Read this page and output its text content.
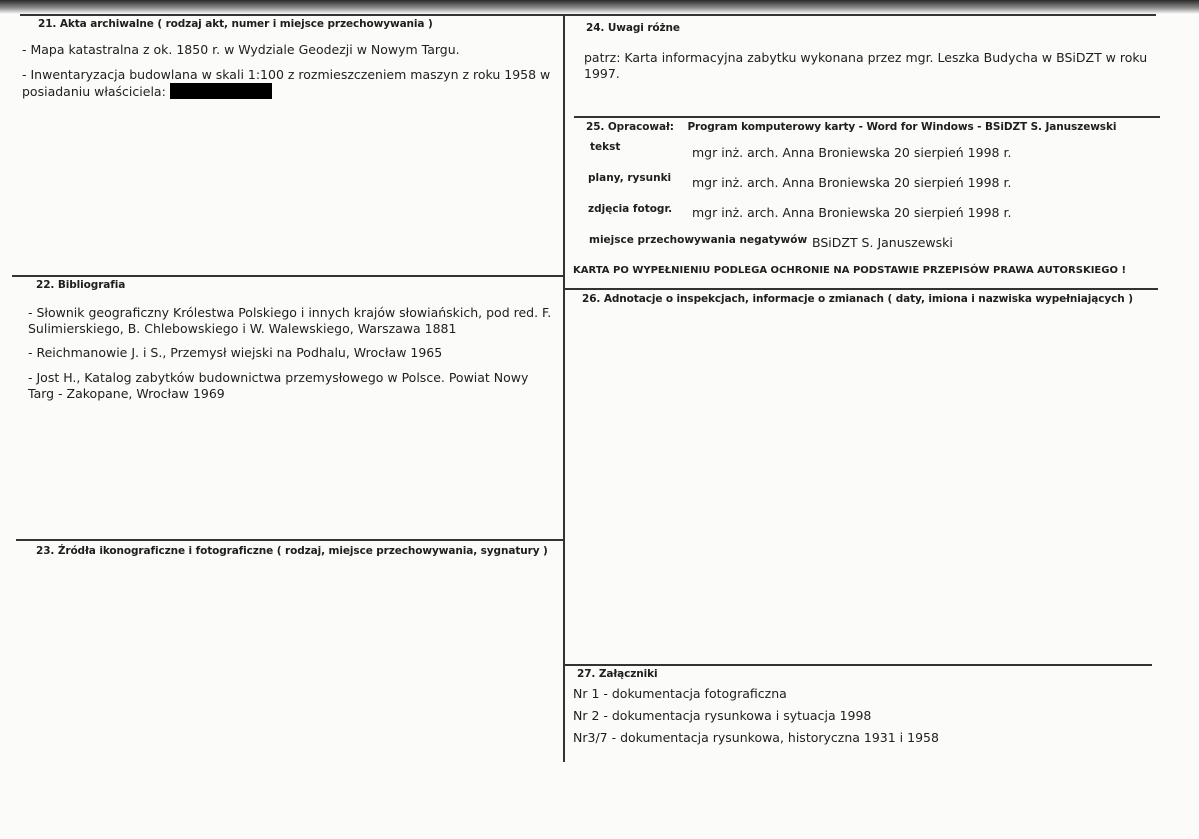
21. Akta archiwalne ( rodzaj akt, numer i miejsce przechowywania )
- Mapa katastralna z ok. 1850 r. w Wydziale Geodezji w Nowym Targu.
- Inwentaryzacja budowlana w skali 1:100 z rozmieszczeniem maszyn z roku 1958 w posiadaniu właściciela:
22. Bibliografia
- Słownik geograficzny Królestwa Polskiego i innych krajów słowiańskich, pod red. F. Sulimierskiego, B. Chlebowskiego i W. Walewskiego, Warszawa 1881
- Reichmanowie J. i S., Przemysł wiejski na Podhalu, Wrocław 1965
- Jost H., Katalog zabytków budownictwa przemysłowego w Polsce. Powiat Nowy Targ - Zakopane, Wrocław 1969
23. Źródła ikonograficzne i fotograficzne ( rodzaj, miejsce przechowywania, sygnatury )
24. Uwagi różne
patrz: Karta informacyjna zabytku wykonana przez mgr. Leszka Budycha w BSiDZT w roku 1997.
25. Opracował: Program komputerowy karty - Word for Windows - BSiDZT S. Januszewski
tekst	mgr inż. arch. Anna Broniewska 20 sierpień 1998 r.
plany, rysunki mgr inż. arch. Anna Broniewska 20 sierpień 1998 r.
zdjęcia fotogr. mgr inż. arch. Anna Broniewska 20 sierpień 1998 r.
miejsce przechowywania negatywów BSiDZT S. Januszewski
KARTA PO WYPEŁNIENIU PODLEGA OCHRONIE NA PODSTAWIE PRZEPISÓW PRAWA AUTORSKIEGO !
26. Adnotacje o inspekcjach, informacje o zmianach ( daty, imiona i nazwiska wypełniających )
27. Załączniki
Nr 1 - dokumentacja fotograficzna
Nr 2 - dokumentacja rysunkowa i sytuacja 1998
Nr3/7 - dokumentacja rysunkowa, historyczna 1931 i 1958
